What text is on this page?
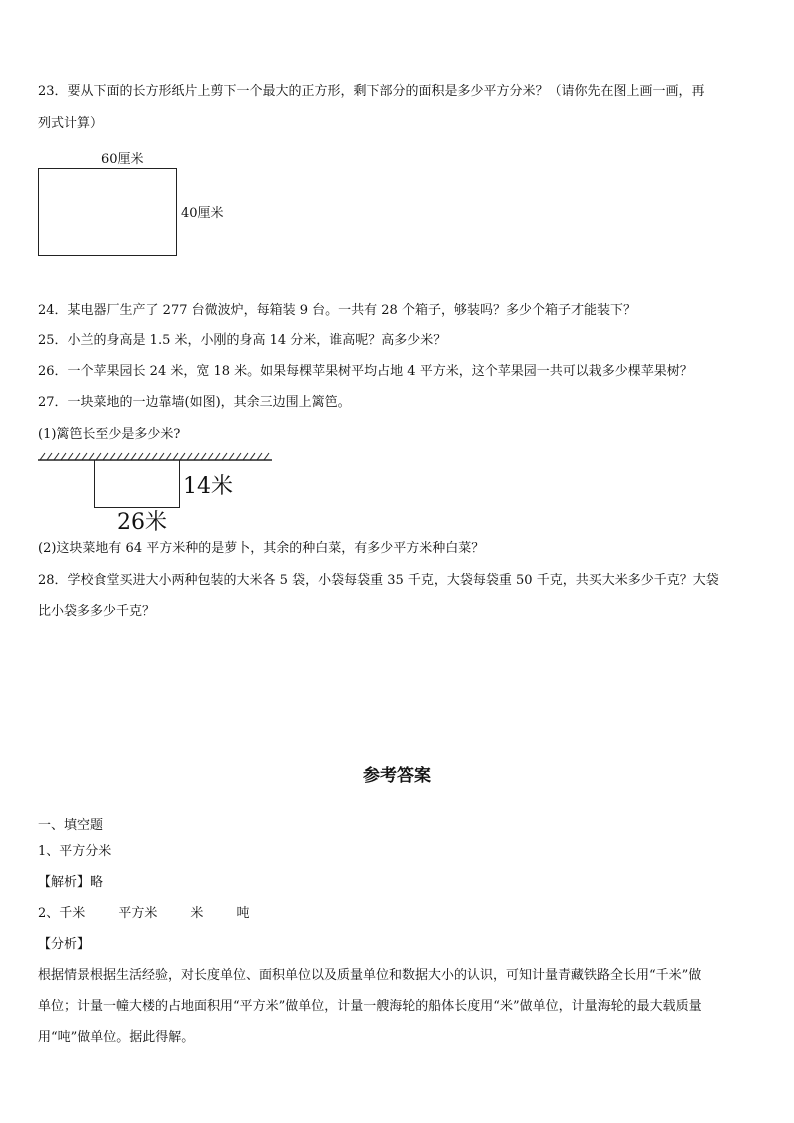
23．要从下面的长方形纸片上剪下一个最大的正方形，剩下部分的面积是多少平方分米？（请你先在图上画一画，再
列式计算）
60厘米
40厘米
24．某电器厂生产了 277 台微波炉，每箱装 9 台。一共有 28 个箱子，够装吗？多少个箱子才能装下？
25．小兰的身高是 1.5 米，小刚的身高 14 分米，谁高呢？高多少米？
26．一个苹果园长 24 米，宽 18 米。如果每棵苹果树平均占地 4 平方米，这个苹果园一共可以栽多少棵苹果树？
27．一块菜地的一边靠墙(如图)，其余三边围上篱笆。
(1)篱笆长至少是多少米?
14米
26米
(2)这块菜地有 64 平方米种的是萝卜，其余的种白菜，有多少平方米种白菜？
28．学校食堂买进大小两种包装的大米各 5 袋，小袋每袋重 35 千克，大袋每袋重 50 千克，共买大米多少千克？大袋
比小袋多多少千克？
参考答案
一、填空题
1、平方分米
【解析】略
2、千米        平方米        米        吨
【分析】
根据情景根据生活经验，对长度单位、面积单位以及质量单位和数据大小的认识，可知计量青藏铁路全长用“千米”做
单位；计量一幢大楼的占地面积用“平方米”做单位，计量一艘海轮的船体长度用“米”做单位，计量海轮的最大载质量
用“吨”做单位。据此得解。
